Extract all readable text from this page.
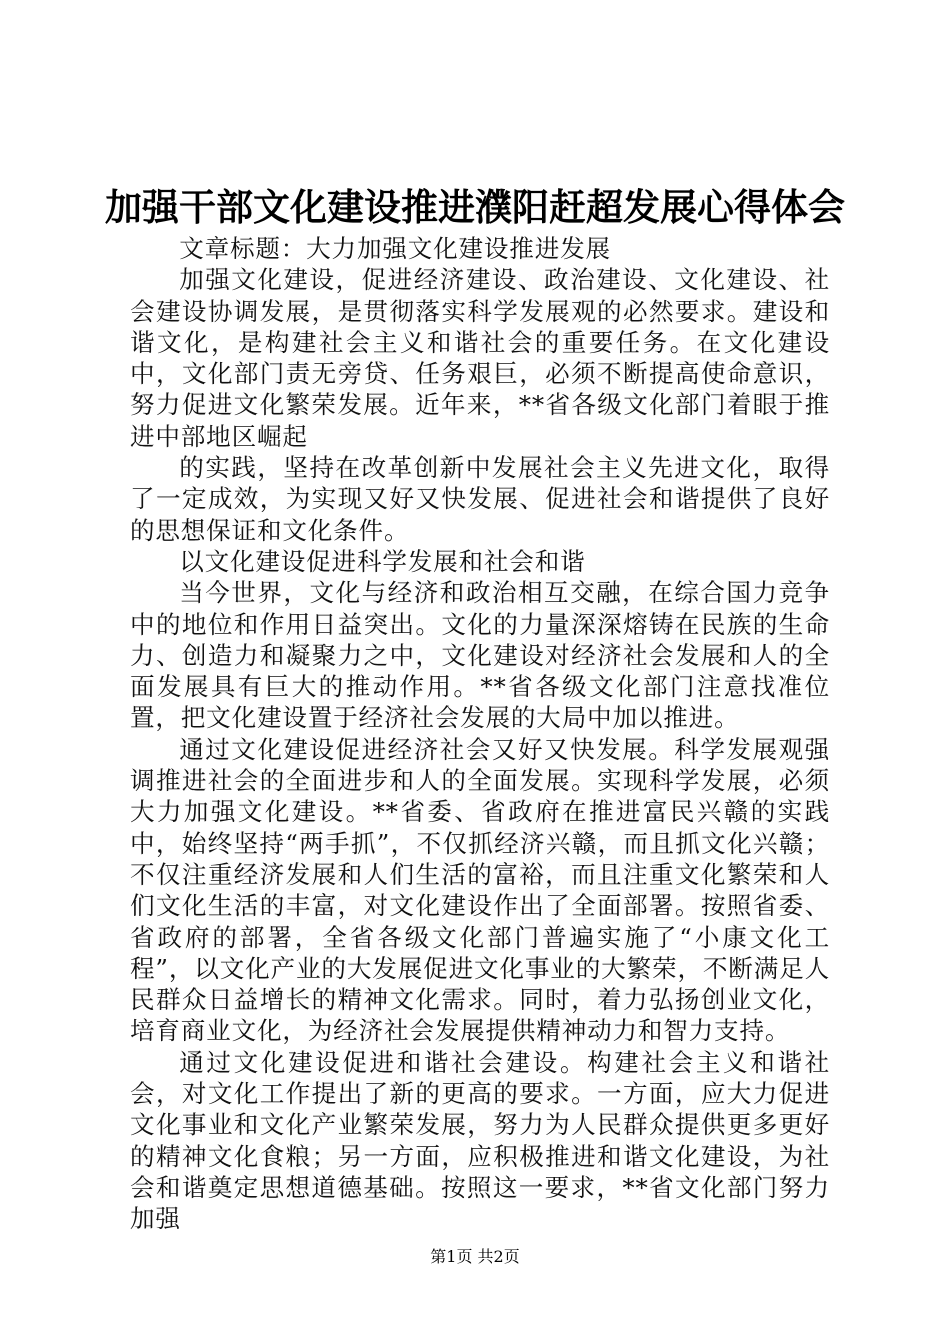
加强干部文化建设推进濮阳赶超发展心得体会

文章标题：大力加强文化建设推进发展

加强文化建设，促进经济建设、政治建设、文化建设、社会建设协调发展，是贯彻落实科学发展观的必然要求。建设和谐文化，是构建社会主义和谐社会的重要任务。在文化建设中，文化部门责无旁贷、任务艰巨，必须不断提高使命意识，努力促进文化繁荣发展。近年来，**省各级文化部门着眼于推进中部地区崛起

的实践，坚持在改革创新中发展社会主义先进文化，取得了一定成效，为实现又好又快发展、促进社会和谐提供了良好的思想保证和文化条件。

以文化建设促进科学发展和社会和谐

当今世界，文化与经济和政治相互交融，在综合国力竞争中的地位和作用日益突出。文化的力量深深熔铸在民族的生命力、创造力和凝聚力之中，文化建设对经济社会发展和人的全面发展具有巨大的推动作用。**省各级文化部门注意找准位置，把文化建设置于经济社会发展的大局中加以推进。

通过文化建设促进经济社会又好又快发展。科学发展观强调推进社会的全面进步和人的全面发展。实现科学发展，必须大力加强文化建设。**省委、省政府在推进富民兴赣的实践中，始终坚持“两手抓”，不仅抓经济兴赣，而且抓文化兴赣；不仅注重经济发展和人们生活的富裕，而且注重文化繁荣和人们文化生活的丰富，对文化建设作出了全面部署。按照省委、省政府的部署，全省各级文化部门普遍实施了“小康文化工程”，以文化产业的大发展促进文化事业的大繁荣，不断满足人民群众日益增长的精神文化需求。同时，着力弘扬创业文化，培育商业文化，为经济社会发展提供精神动力和智力支持。

通过文化建设促进和谐社会建设。构建社会主义和谐社会，对文化工作提出了新的更高的要求。一方面，应大力促进文化事业和文化产业繁荣发展，努力为人民群众提供更多更好的精神文化食粮；另一方面，应积极推进和谐文化建设，为社会和谐奠定思想道德基础。按照这一要求，**省文化部门努力加强

第1页 共2页
